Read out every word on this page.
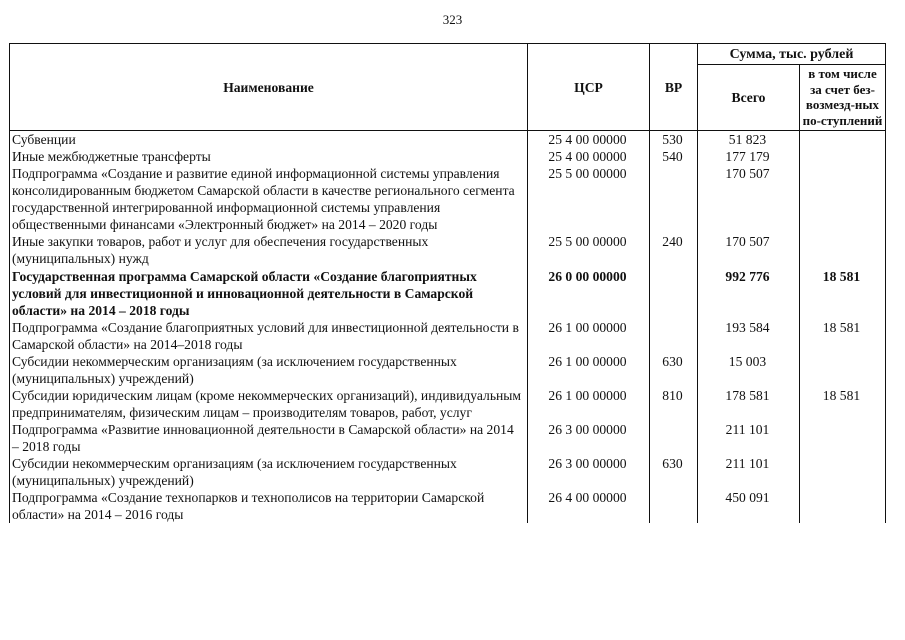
323
Наименование	ЦСР	ВР	Сумма, тыс. рублей	
			Всего	в том числе за счет без-возмезд-ных по-ступлений
Субвенции	25 4 00 00000	530	51 823	
Иные межбюджетные трансферты	25 4 00 00000	540	177 179	
Подпрограмма «Создание и развитие единой информационной системы управления консолидированным бюджетом Самарской области в качестве регионального сегмента государственной интегрированной информационной системы управления общественными финансами «Электронный бюджет» на 2014 – 2020 годы	25 5 00 00000		170 507	
Иные закупки товаров, работ и услуг для обеспечения государственных (муниципальных) нужд	25 5 00 00000	240	170 507	
Государственная программа Самарской области «Создание благоприятных условий для инвестиционной и инновационной деятельности в Самарской области» на 2014 – 2018 годы	26 0 00 00000		992 776	18 581
Подпрограмма «Создание благоприятных условий для инвестиционной деятельности в Самарской области» на 2014–2018 годы	26 1 00 00000		193 584	18 581
Субсидии некоммерческим организациям (за исключением государственных (муниципальных) учреждений)	26 1 00 00000	630	15 003	
Субсидии юридическим лицам (кроме некоммерческих организаций), индивидуальным предпринимателям, физическим лицам – производителям товаров, работ, услуг	26 1 00 00000	810	178 581	18 581
Подпрограмма «Развитие инновационной деятельности в Самарской области» на 2014 – 2018 годы	26 3 00 00000		211 101	
Субсидии некоммерческим организациям (за исключением государственных (муниципальных) учреждений)	26 3 00 00000	630	211 101	
Подпрограмма «Создание технопарков и технополисов на территории Самарской области» на 2014 – 2016 годы	26 4 00 00000		450 091	
